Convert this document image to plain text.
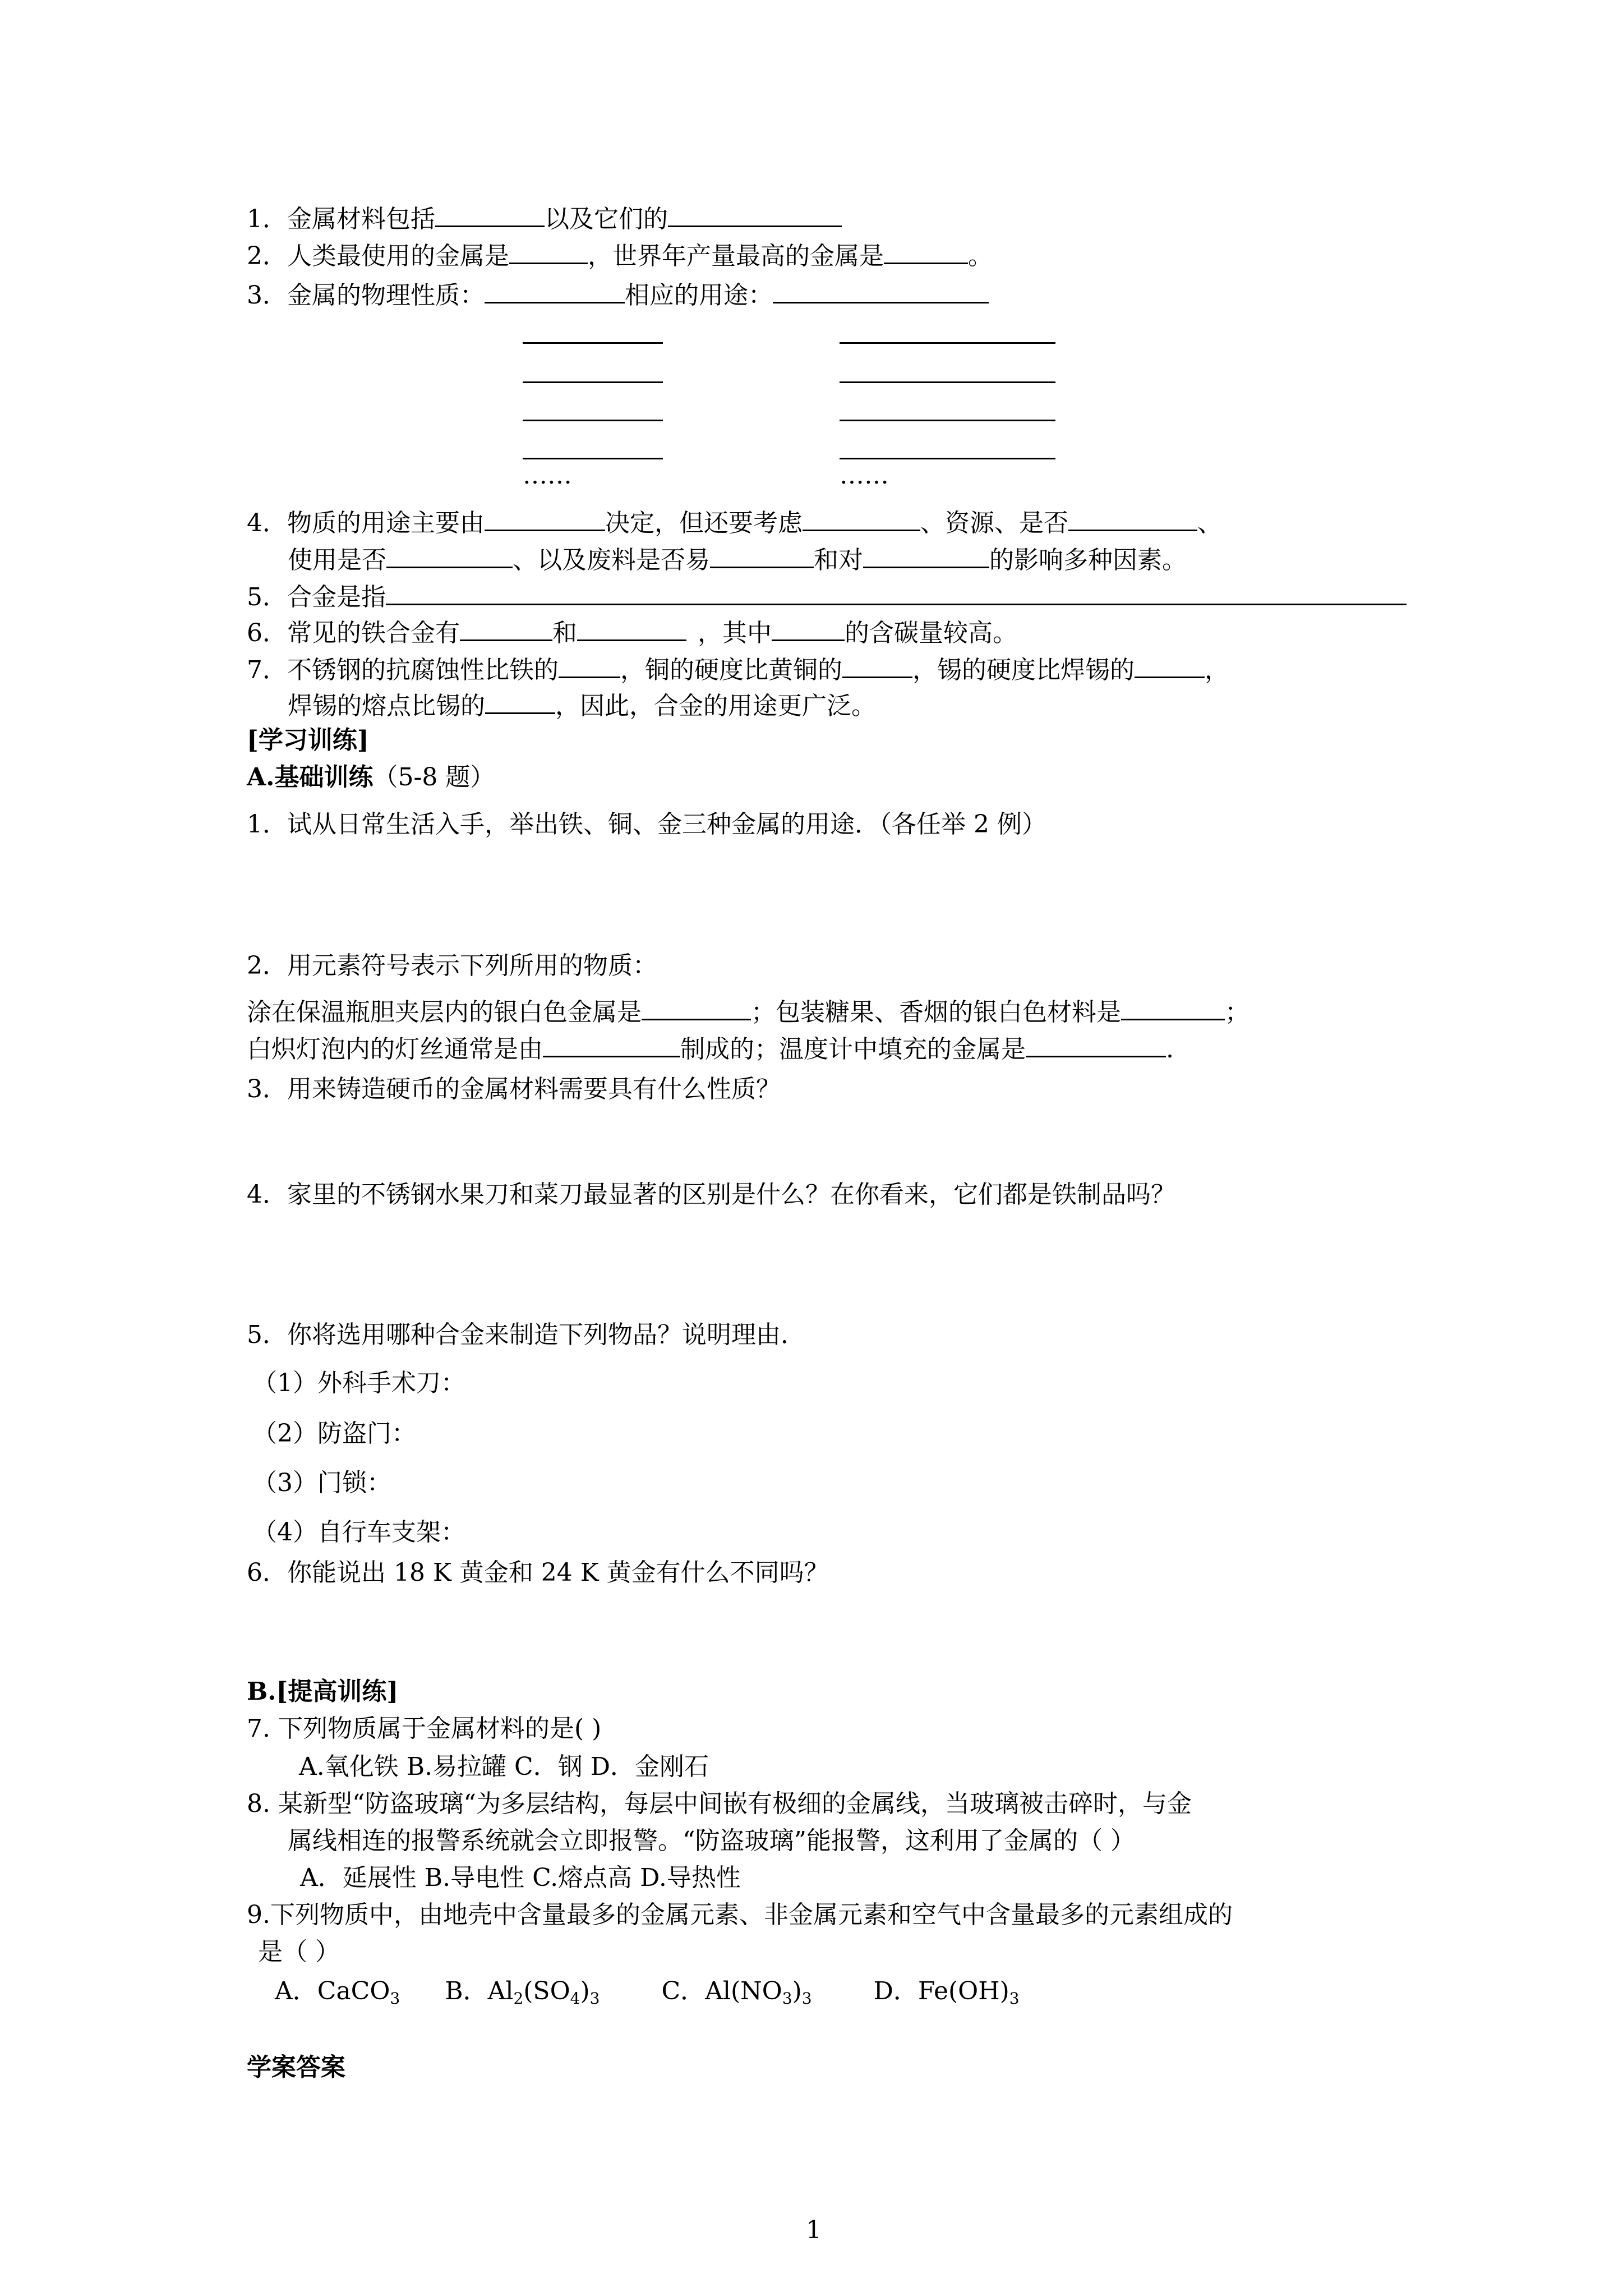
1．金属材料包括	以及它们的
2．人类最使用的金属是	，世界年产量最高的金属是	。
3．金属的物理性质：	相应的用途：
……	……
4．物质的用途主要由	决定，但还要考虑	、资源、是否	、
使用是否	、以及废料是否易	和对	的影响多种因素。
5．合金是指
6．常见的铁合金有	和	，其中	的含碳量较高。
7．不锈钢的抗腐蚀性比铁的	，铜的硬度比黄铜的	，锡的硬度比焊锡的	，
焊锡的熔点比锡的	，因此，合金的用途更广泛。
[学习训练]
A.基础训练（5-8 题）
1．试从日常生活入手，举出铁、铜、金三种金属的用途．（各任举 2 例）
2．用元素符号表示下列所用的物质：
涂在保温瓶胆夹层内的银白色金属是	；包装糖果、香烟的银白色材料是	；
白炽灯泡内的灯丝通常是由	制成的；温度计中填充的金属是	.
3．用来铸造硬币的金属材料需要具有什么性质？
4．家里的不锈钢水果刀和菜刀最显著的区别是什么？在你看来，它们都是铁制品吗？
5．你将选用哪种合金来制造下列物品？说明理由．
（1）外科手术刀：
（2）防盗门：
（3）门锁：
（4）自行车支架：
6．你能说出 18 K 黄金和 24 K 黄金有什么不同吗？
B.[提高训练]
7. 下列物质属于金属材料的是( )
A.氧化铁 B.易拉罐 C．钢 D．金刚石
8. 某新型“防盗玻璃“为多层结构，每层中间嵌有极细的金属线，当玻璃被击碎时，与金
属线相连的报警系统就会立即报警。“防盗玻璃”能报警，这利用了金属的（ ）
A．延展性 B.导电性 C.熔点高 D.导热性
9.下列物质中，由地壳中含量最多的金属元素、非金属元素和空气中含量最多的元素组成的
是（ ）
A．CaCO$_3$ B．$Al_2(SO_4)_3$	C．$Al(NO_3)_3$	D．$Fe(OH)_3$
学案答案
1
